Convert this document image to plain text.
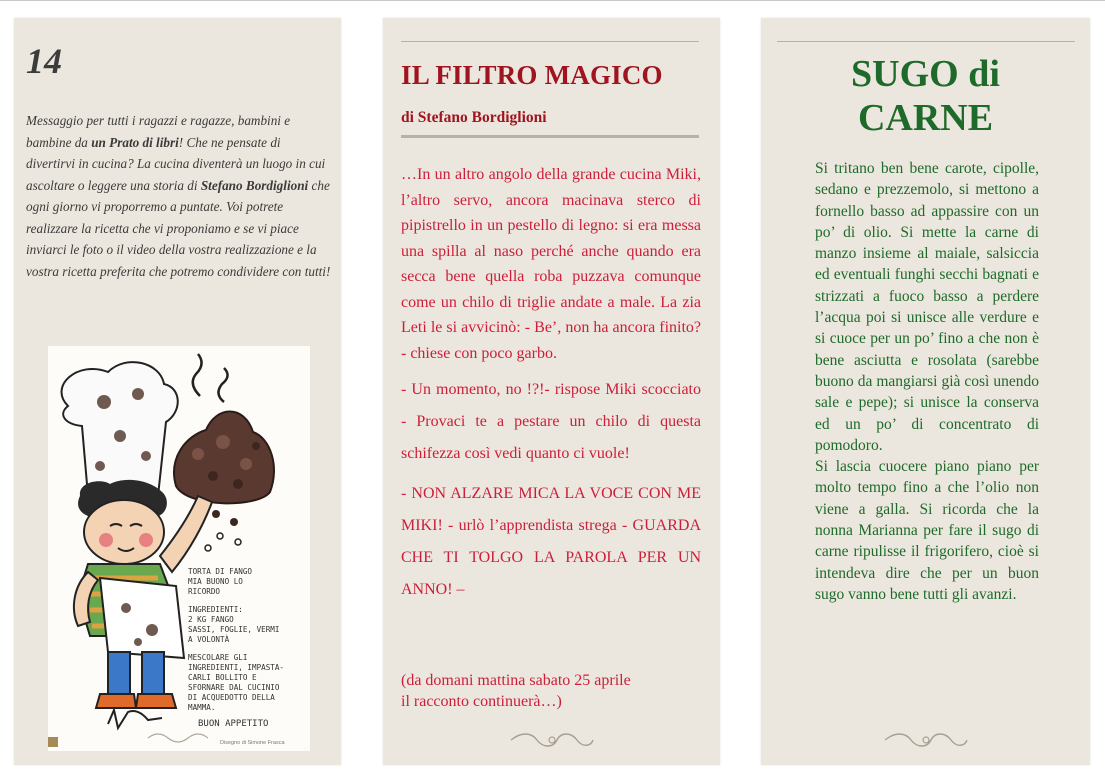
14

Messaggio per tutti i ragazzi e ragazze, bambini e bambine da un Prato di libri! Che ne pensate di divertirvi in cucina? La cucina diventerà un luogo in cui ascoltare o leggere una storia di Stefano Bordiglioni che ogni giorno vi proporremo a puntate. Voi potrete realizzare la ricetta che vi proponiamo e se vi piace inviarci le foto o il video della vostra realizzazione e la vostra ricetta preferita che potremo condividere con tutti!

TORTA DI FANGO
MIA BUONO LO
RICORDO
INGREDIENTI:
2 KG FANGO
SASSI, FOGLIE, VERMI
A VOLONTÀ
MESCOLARE GLI
INGREDIENTI, IMPASTA-
CARLI BOLLITO E
SFORNARE DAL CUCINIO
DI ACQUEDOTTO DELLA
MAMMA.
BUON APPETITO
Disegno di Simone Frasca
IL FILTRO MAGICO

di Stefano Bordiglioni

…In un altro angolo della grande cucina Miki, l’altro servo, ancora macinava sterco di pipistrello in un pestello di legno: si era messa una spilla al naso perché anche quando era secca bene quella roba puzzava comunque come un chilo di triglie andate a male. La zia Leti le si avvicinò: - Be’, non ha ancora finito? - chiese con poco garbo.

- Un momento, no !?!- rispose Miki scocciato - Provaci te a pestare un chilo di questa schifezza così vedi quanto ci vuole!

- NON ALZARE MICA LA VOCE CON ME MIKI! - urlò l’apprendista strega - GUARDA CHE TI TOLGO LA PAROLA PER UN ANNO! –

(da domani mattina sabato 25 aprile
il racconto continuerà…)

SUGO di
CARNE

Si tritano ben bene carote, cipolle, sedano e prezzemolo, si mettono a fornello basso ad appassire con un po’ di olio. Si mette la carne di manzo insieme al maiale, salsiccia ed eventuali funghi secchi bagnati e strizzati a fuoco basso a perdere l’acqua poi si unisce alle verdure e si cuoce per un po’ fino a che non è bene asciutta e rosolata (sarebbe buono da mangiarsi già così unendo sale e pepe); si unisce la conserva ed un po’ di concentrato di pomodoro.

Si lascia cuocere piano piano per molto tempo fino a che l’olio non viene a galla. Si ricorda che la nonna Marianna per fare il sugo di carne ripulisse il frigorifero, cioè si intendeva dire che per un buon sugo vanno bene tutti gli avanzi.
